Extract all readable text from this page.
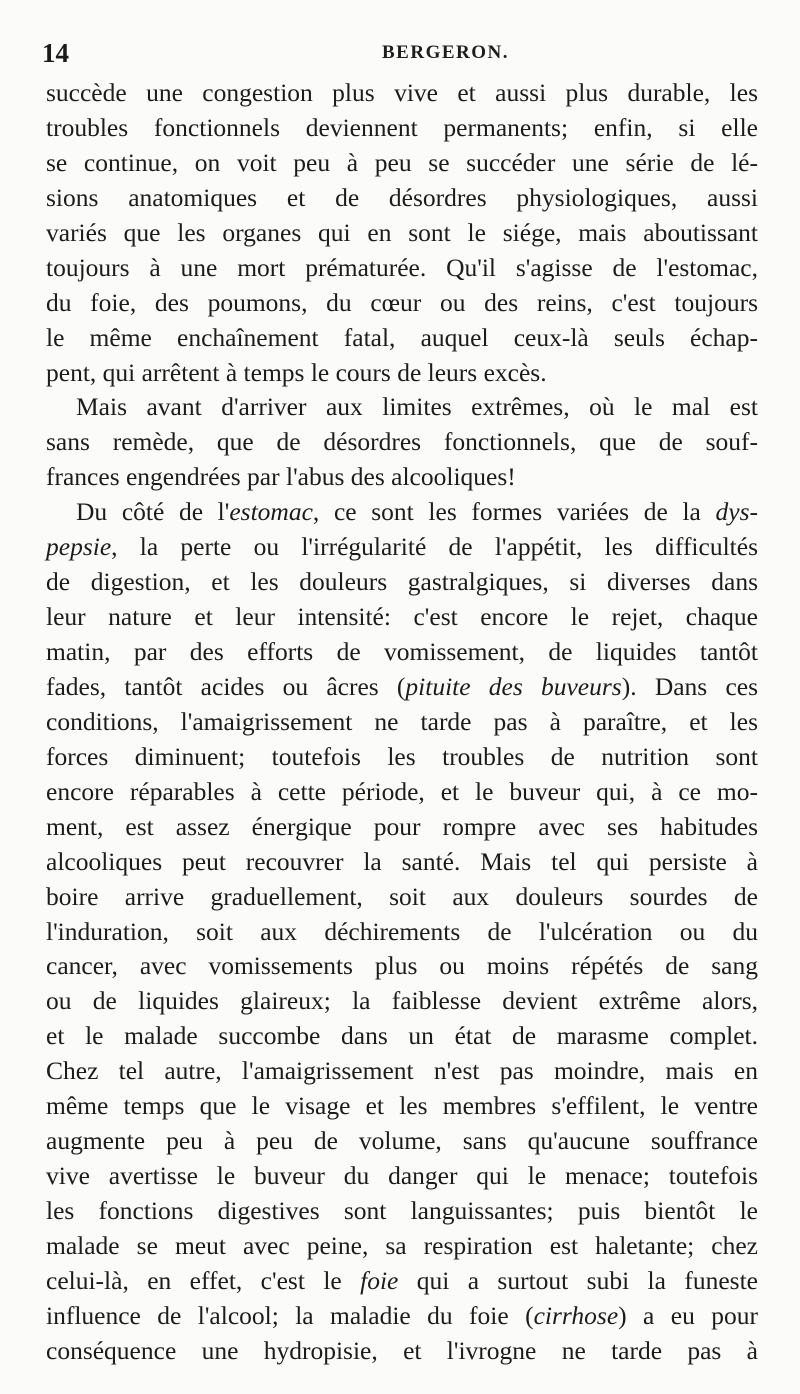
14	BERGERON.
succède une congestion plus vive et aussi plus durable, les
troubles fonctionnels deviennent permanents; enfin, si elle
se continue, on voit peu à peu se succéder une série de lé-
sions anatomiques et de désordres physiologiques, aussi
variés que les organes qui en sont le siége, mais aboutissant
toujours à une mort prématurée. Qu'il s'agisse de l'estomac,
du foie, des poumons, du cœur ou des reins, c'est toujours
le même enchaînement fatal, auquel ceux-là seuls échap-
pent, qui arrêtent à temps le cours de leurs excès.
Mais avant d'arriver aux limites extrêmes, où le mal est
sans remède, que de désordres fonctionnels, que de souf-
frances engendrées par l'abus des alcooliques!
Du côté de l'estomac, ce sont les formes variées de la dys-
pepsie, la perte ou l'irrégularité de l'appétit, les difficultés
de digestion, et les douleurs gastralgiques, si diverses dans
leur nature et leur intensité: c'est encore le rejet, chaque
matin, par des efforts de vomissement, de liquides tantôt
fades, tantôt acides ou âcres (pituite des buveurs). Dans ces
conditions, l'amaigrissement ne tarde pas à paraître, et les
forces diminuent; toutefois les troubles de nutrition sont
encore réparables à cette période, et le buveur qui, à ce mo-
ment, est assez énergique pour rompre avec ses habitudes
alcooliques peut recouvrer la santé. Mais tel qui persiste à
boire arrive graduellement, soit aux douleurs sourdes de
l'induration, soit aux déchirements de l'ulcération ou du
cancer, avec vomissements plus ou moins répétés de sang
ou de liquides glaireux; la faiblesse devient extrême alors,
et le malade succombe dans un état de marasme complet.
Chez tel autre, l'amaigrissement n'est pas moindre, mais en
même temps que le visage et les membres s'effilent, le ventre
augmente peu à peu de volume, sans qu'aucune souffrance
vive avertisse le buveur du danger qui le menace; toutefois
les fonctions digestives sont languissantes; puis bientôt le
malade se meut avec peine, sa respiration est haletante; chez
celui-là, en effet, c'est le foie qui a surtout subi la funeste
influence de l'alcool; la maladie du foie (cirrhose) a eu pour
conséquence une hydropisie, et l'ivrogne ne tarde pas à
